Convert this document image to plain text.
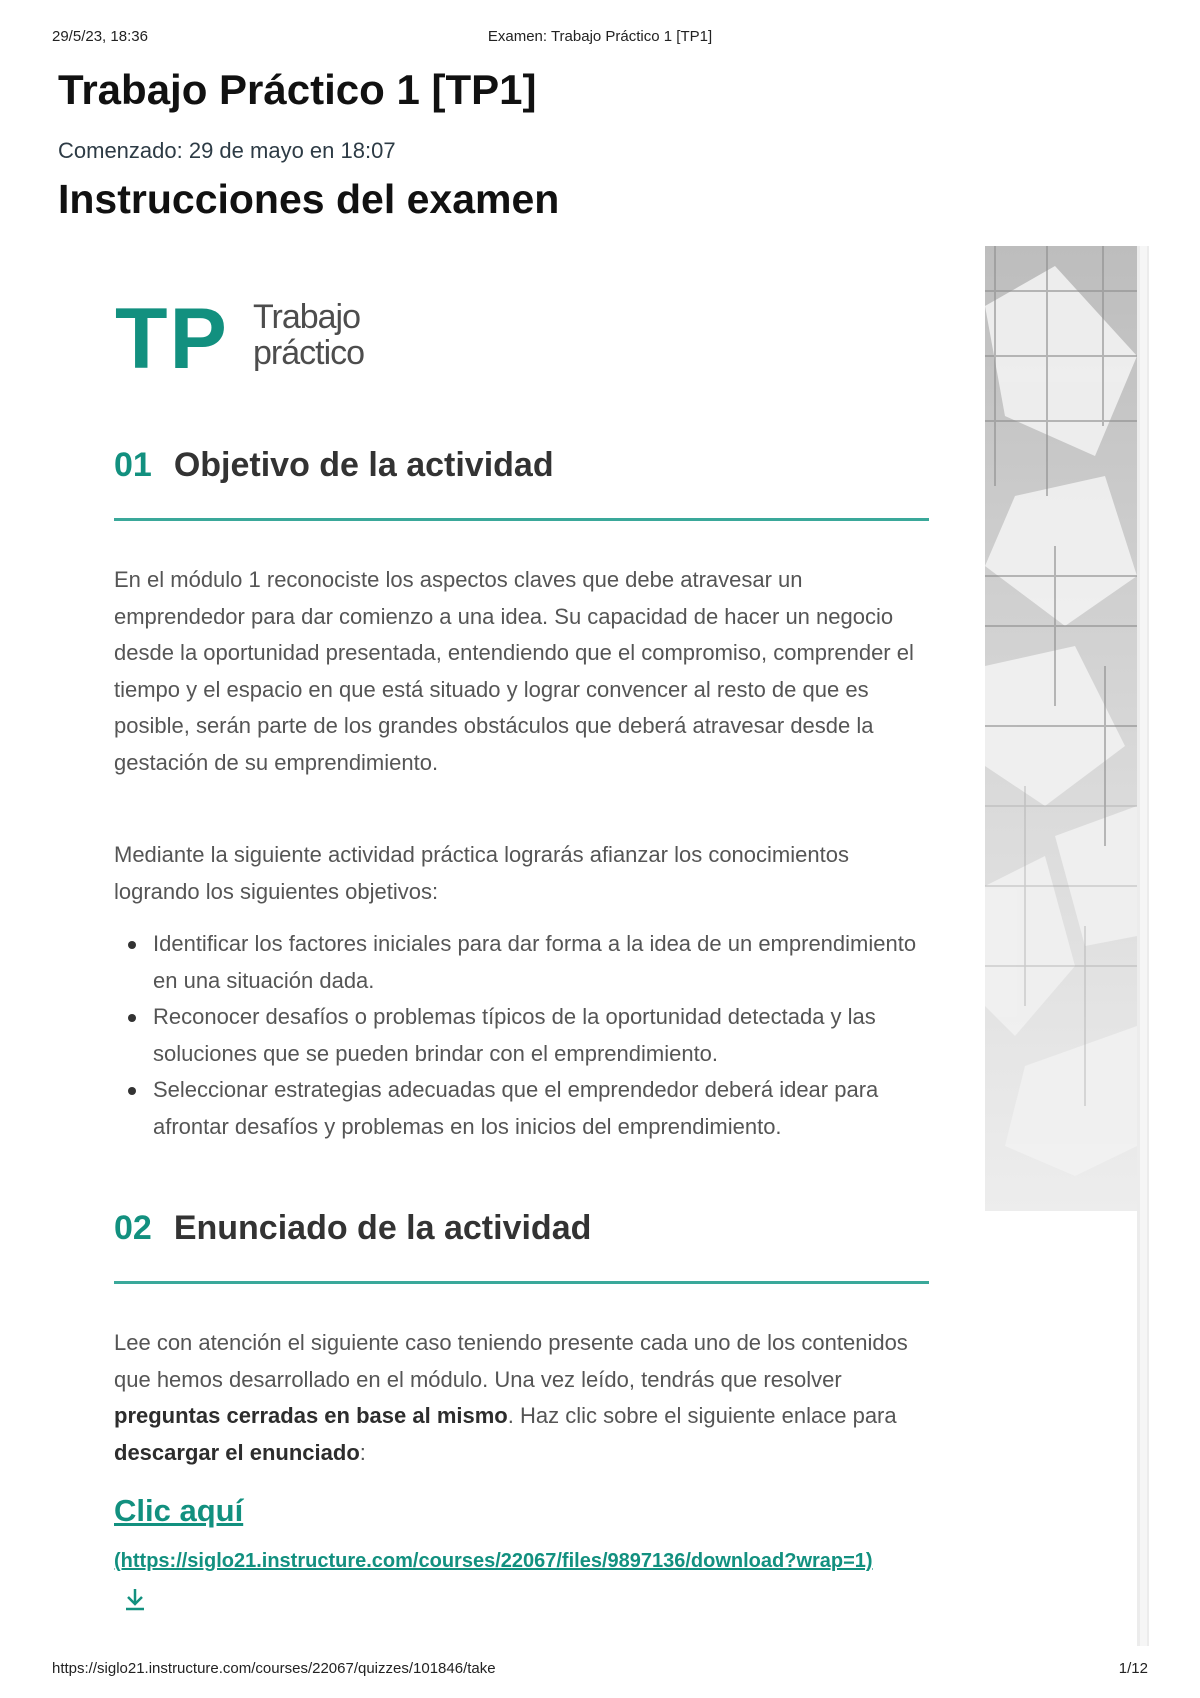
29/5/23, 18:36	Examen: Trabajo Práctico 1 [TP1]
Trabajo Práctico 1 [TP1]
Comenzado: 29 de mayo en 18:07
Instrucciones del examen
TP Trabajo
práctico
01 Objetivo de la actividad

En el módulo 1 reconociste los aspectos claves que debe atravesar un emprendedor para dar comienzo a una idea. Su capacidad de hacer un negocio desde la oportunidad presentada, entendiendo que el compromiso, comprender el tiempo y el espacio en que está situado y lograr convencer al resto de que es posible, serán parte de los grandes obstáculos que deberá atravesar desde la gestación de su emprendimiento.

Mediante la siguiente actividad práctica lograrás afianzar los conocimientos logrando los siguientes objetivos:

Identificar los factores iniciales para dar forma a la idea de un emprendimiento en una situación dada.
Reconocer desafíos o problemas típicos de la oportunidad detectada y las soluciones que se pueden brindar con el emprendimiento.
Seleccionar estrategias adecuadas que el emprendedor deberá idear para afrontar desafíos y problemas en los inicios del emprendimiento.
02 Enunciado de la actividad

Lee con atención el siguiente caso teniendo presente cada uno de los contenidos que hemos desarrollado en el módulo. Una vez leído, tendrás que resolver preguntas cerradas en base al mismo. Haz clic sobre el siguiente enlace para descargar el enunciado:

Clic aquí
(https://siglo21.instructure.com/courses/22067/files/9897136/download?wrap=1)
https://siglo21.instructure.com/courses/22067/quizzes/101846/take	1/12
